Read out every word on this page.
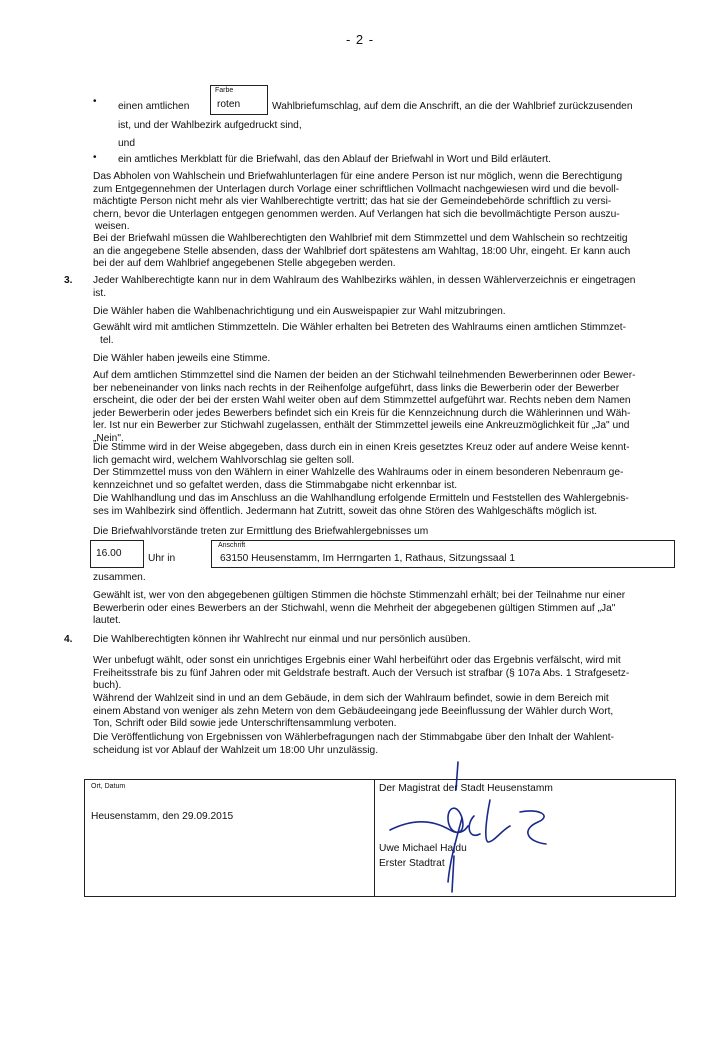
- 2 -
• einen amtlichen
Farbe
roten	Wahlbriefumschlag, auf dem die Anschrift, an die der Wahlbrief zurückzusenden
ist, und der Wahlbezirk aufgedruckt sind,
und
• ein amtliches Merkblatt für die Briefwahl, das den Ablauf der Briefwahl in Wort und Bild erläutert.

Das Abholen von Wahlschein und Briefwahlunterlagen für eine andere Person ist nur möglich, wenn die Berechtigung

zum Entgegennehmen der Unterlagen durch Vorlage einer schriftlichen Vollmacht nachgewiesen wird und die bevoll-

mächtigte Person nicht mehr als vier Wahlberechtigte vertritt; das hat sie der Gemeindebehörde schriftlich zu versi-

chern, bevor die Unterlagen entgegen genommen werden. Auf Verlangen hat sich die bevollmächtigte Person auszu-

weisen.

Bei der Briefwahl müssen die Wahlberechtigten den Wahlbrief mit dem Stimmzettel und dem Wahlschein so rechtzeitig

an die angegebene Stelle absenden, dass der Wahlbrief dort spätestens am Wahltag, 18:00 Uhr, eingeht. Er kann auch

bei der auf dem Wahlbrief angegebenen Stelle abgegeben werden.

3. Jeder Wahlberechtigte kann nur in dem Wahlraum des Wahlbezirks wählen, in dessen Wählerverzeichnis er eingetragen

ist.

Die Wähler haben die Wahlbenachrichtigung und ein Ausweispapier zur Wahl mitzubringen.

Gewählt wird mit amtlichen Stimmzetteln. Die Wähler erhalten bei Betreten des Wahlraums einen amtlichen Stimmzet-

tel.

Die Wähler haben jeweils eine Stimme.

Auf dem amtlichen Stimmzettel sind die Namen der beiden an der Stichwahl teilnehmenden Bewerberinnen oder Bewer-

ber nebeneinander von links nach rechts in der Reihenfolge aufgeführt, dass links die Bewerberin oder der Bewerber

erscheint, die oder der bei der ersten Wahl weiter oben auf dem Stimmzettel aufgeführt war. Rechts neben dem Namen

jeder Bewerberin oder jedes Bewerbers befindet sich ein Kreis für die Kennzeichnung durch die Wählerinnen und Wäh-

ler. Ist nur ein Bewerber zur Stichwahl zugelassen, enthält der Stimmzettel jeweils eine Ankreuzmöglichkeit für „Ja" und

„Nein".

Die Stimme wird in der Weise abgegeben, dass durch ein in einen Kreis gesetztes Kreuz oder auf andere Weise kennt-

lich gemacht wird, welchem Wahlvorschlag sie gelten soll.

Der Stimmzettel muss von den Wählern in einer Wahlzelle des Wahlraums oder in einem besonderen Nebenraum ge-

kennzeichnet und so gefaltet werden, dass die Stimmabgabe nicht erkennbar ist.

Die Wahlhandlung und das im Anschluss an die Wahlhandlung erfolgende Ermitteln und Feststellen des Wahlergebnis-

ses im Wahlbezirk sind öffentlich. Jedermann hat Zutritt, soweit das ohne Stören des Wahlgeschäfts möglich ist.

Die Briefwahlvorstände treten zur Ermittlung des Briefwahlergebnisses um
16.00	Uhr in
Anschrift
63150 Heusenstamm, Im Herrngarten 1, Rathaus, Sitzungssaal 1
zusammen.

Gewählt ist, wer von den abgegebenen gültigen Stimmen die höchste Stimmenzahl erhält; bei der Teilnahme nur einer

Bewerberin oder eines Bewerbers an der Stichwahl, wenn die Mehrheit der abgegebenen gültigen Stimmen auf „Ja"

lautet.

4. Die Wahlberechtigten können ihr Wahlrecht nur einmal und nur persönlich ausüben.

Wer unbefugt wählt, oder sonst ein unrichtiges Ergebnis einer Wahl herbeiführt oder das Ergebnis verfälscht, wird mit

Freiheitsstrafe bis zu fünf Jahren oder mit Geldstrafe bestraft. Auch der Versuch ist strafbar (§ 107a Abs. 1 Strafgesetz-

buch).

Während der Wahlzeit sind in und an dem Gebäude, in dem sich der Wahlraum befindet, sowie in dem Bereich mit

einem Abstand von weniger als zehn Metern von dem Gebäudeeingang jede Beeinflussung der Wähler durch Wort,

Ton, Schrift oder Bild sowie jede Unterschriftensammlung verboten.

Die Veröffentlichung von Ergebnissen von Wählerbefragungen nach der Stimmabgabe über den Inhalt der Wahlent-

scheidung ist vor Ablauf der Wahlzeit um 18:00 Uhr unzulässig.

Ort, Datum
Heusenstamm, den 29.09.2015
Der Magistrat der Stadt Heusenstamm
Uwe Michael Hajdu
Erster Stadtrat
